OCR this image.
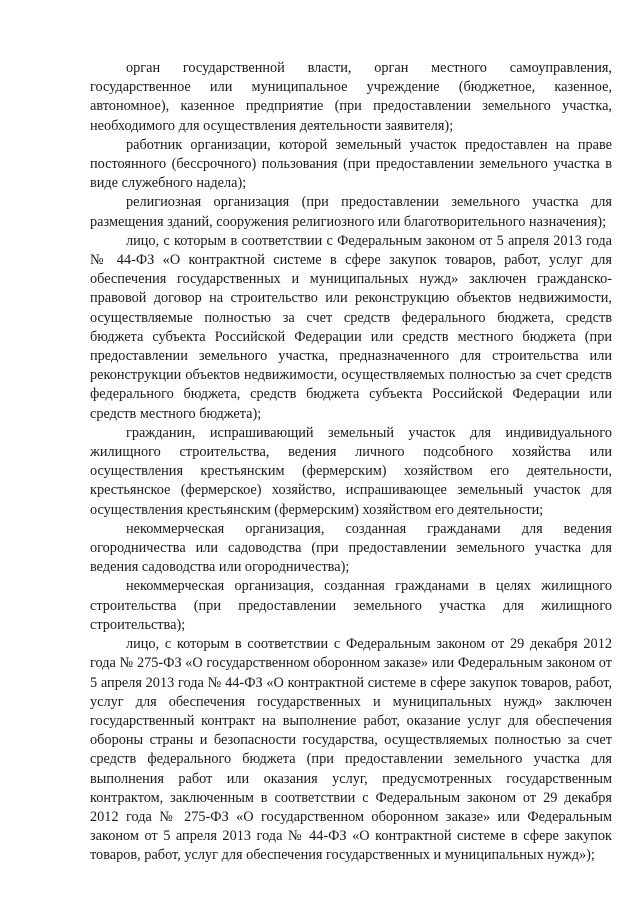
орган государственной власти, орган местного самоуправления, государственное или муниципальное учреждение (бюджетное, казенное, автономное), казенное предприятие (при предоставлении земельного участка, необходимого для осуществления деятельности заявителя);

работник организации, которой земельный участок предоставлен на праве постоянного (бессрочного) пользования (при предоставлении земельного участка в виде служебного надела);

религиозная организация (при предоставлении земельного участка для размещения зданий, сооружения религиозного или благотворительного назначения);

лицо, с которым в соответствии с Федеральным законом от 5 апреля 2013 года № 44-ФЗ «О контрактной системе в сфере закупок товаров, работ, услуг для обеспечения государственных и муниципальных нужд» заключен гражданско-правовой договор на строительство или реконструкцию объектов недвижимости, осуществляемые полностью за счет средств федерального бюджета, средств бюджета субъекта Российской Федерации или средств местного бюджета (при предоставлении земельного участка, предназначенного для строительства или реконструкции объектов недвижимости, осуществляемых полностью за счет средств федерального бюджета, средств бюджета субъекта Российской Федерации или средств местного бюджета);

гражданин, испрашивающий земельный участок для индивидуального жилищного строительства, ведения личного подсобного хозяйства или осуществления крестьянским (фермерским) хозяйством его деятельности, крестьянское (фермерское) хозяйство, испрашивающее земельный участок для осуществления крестьянским (фермерским) хозяйством его деятельности;

некоммерческая организация, созданная гражданами для ведения огородничества или садоводства (при предоставлении земельного участка для ведения садоводства или огородничества);

некоммерческая организация, созданная гражданами в целях жилищного строительства (при предоставлении земельного участка для жилищного строительства);

лицо, с которым в соответствии с Федеральным законом от 29 декабря 2012 года № 275-ФЗ «О государственном оборонном заказе» или Федеральным законом от 5 апреля 2013 года № 44-ФЗ «О контрактной системе в сфере закупок товаров, работ, услуг для обеспечения государственных и муниципальных нужд» заключен государственный контракт на выполнение работ, оказание услуг для обеспечения обороны страны и безопасности государства, осуществляемых полностью за счет средств федерального бюджета (при предоставлении земельного участка для выполнения работ или оказания услуг, предусмотренных государственным контрактом, заключенным в соответствии с Федеральным законом от 29 декабря 2012 года № 275-ФЗ «О государственном оборонном заказе» или Федеральным законом от 5 апреля 2013 года № 44-ФЗ «О контрактной системе в сфере закупок товаров, работ, услуг для обеспечения государственных и муниципальных нужд»);
